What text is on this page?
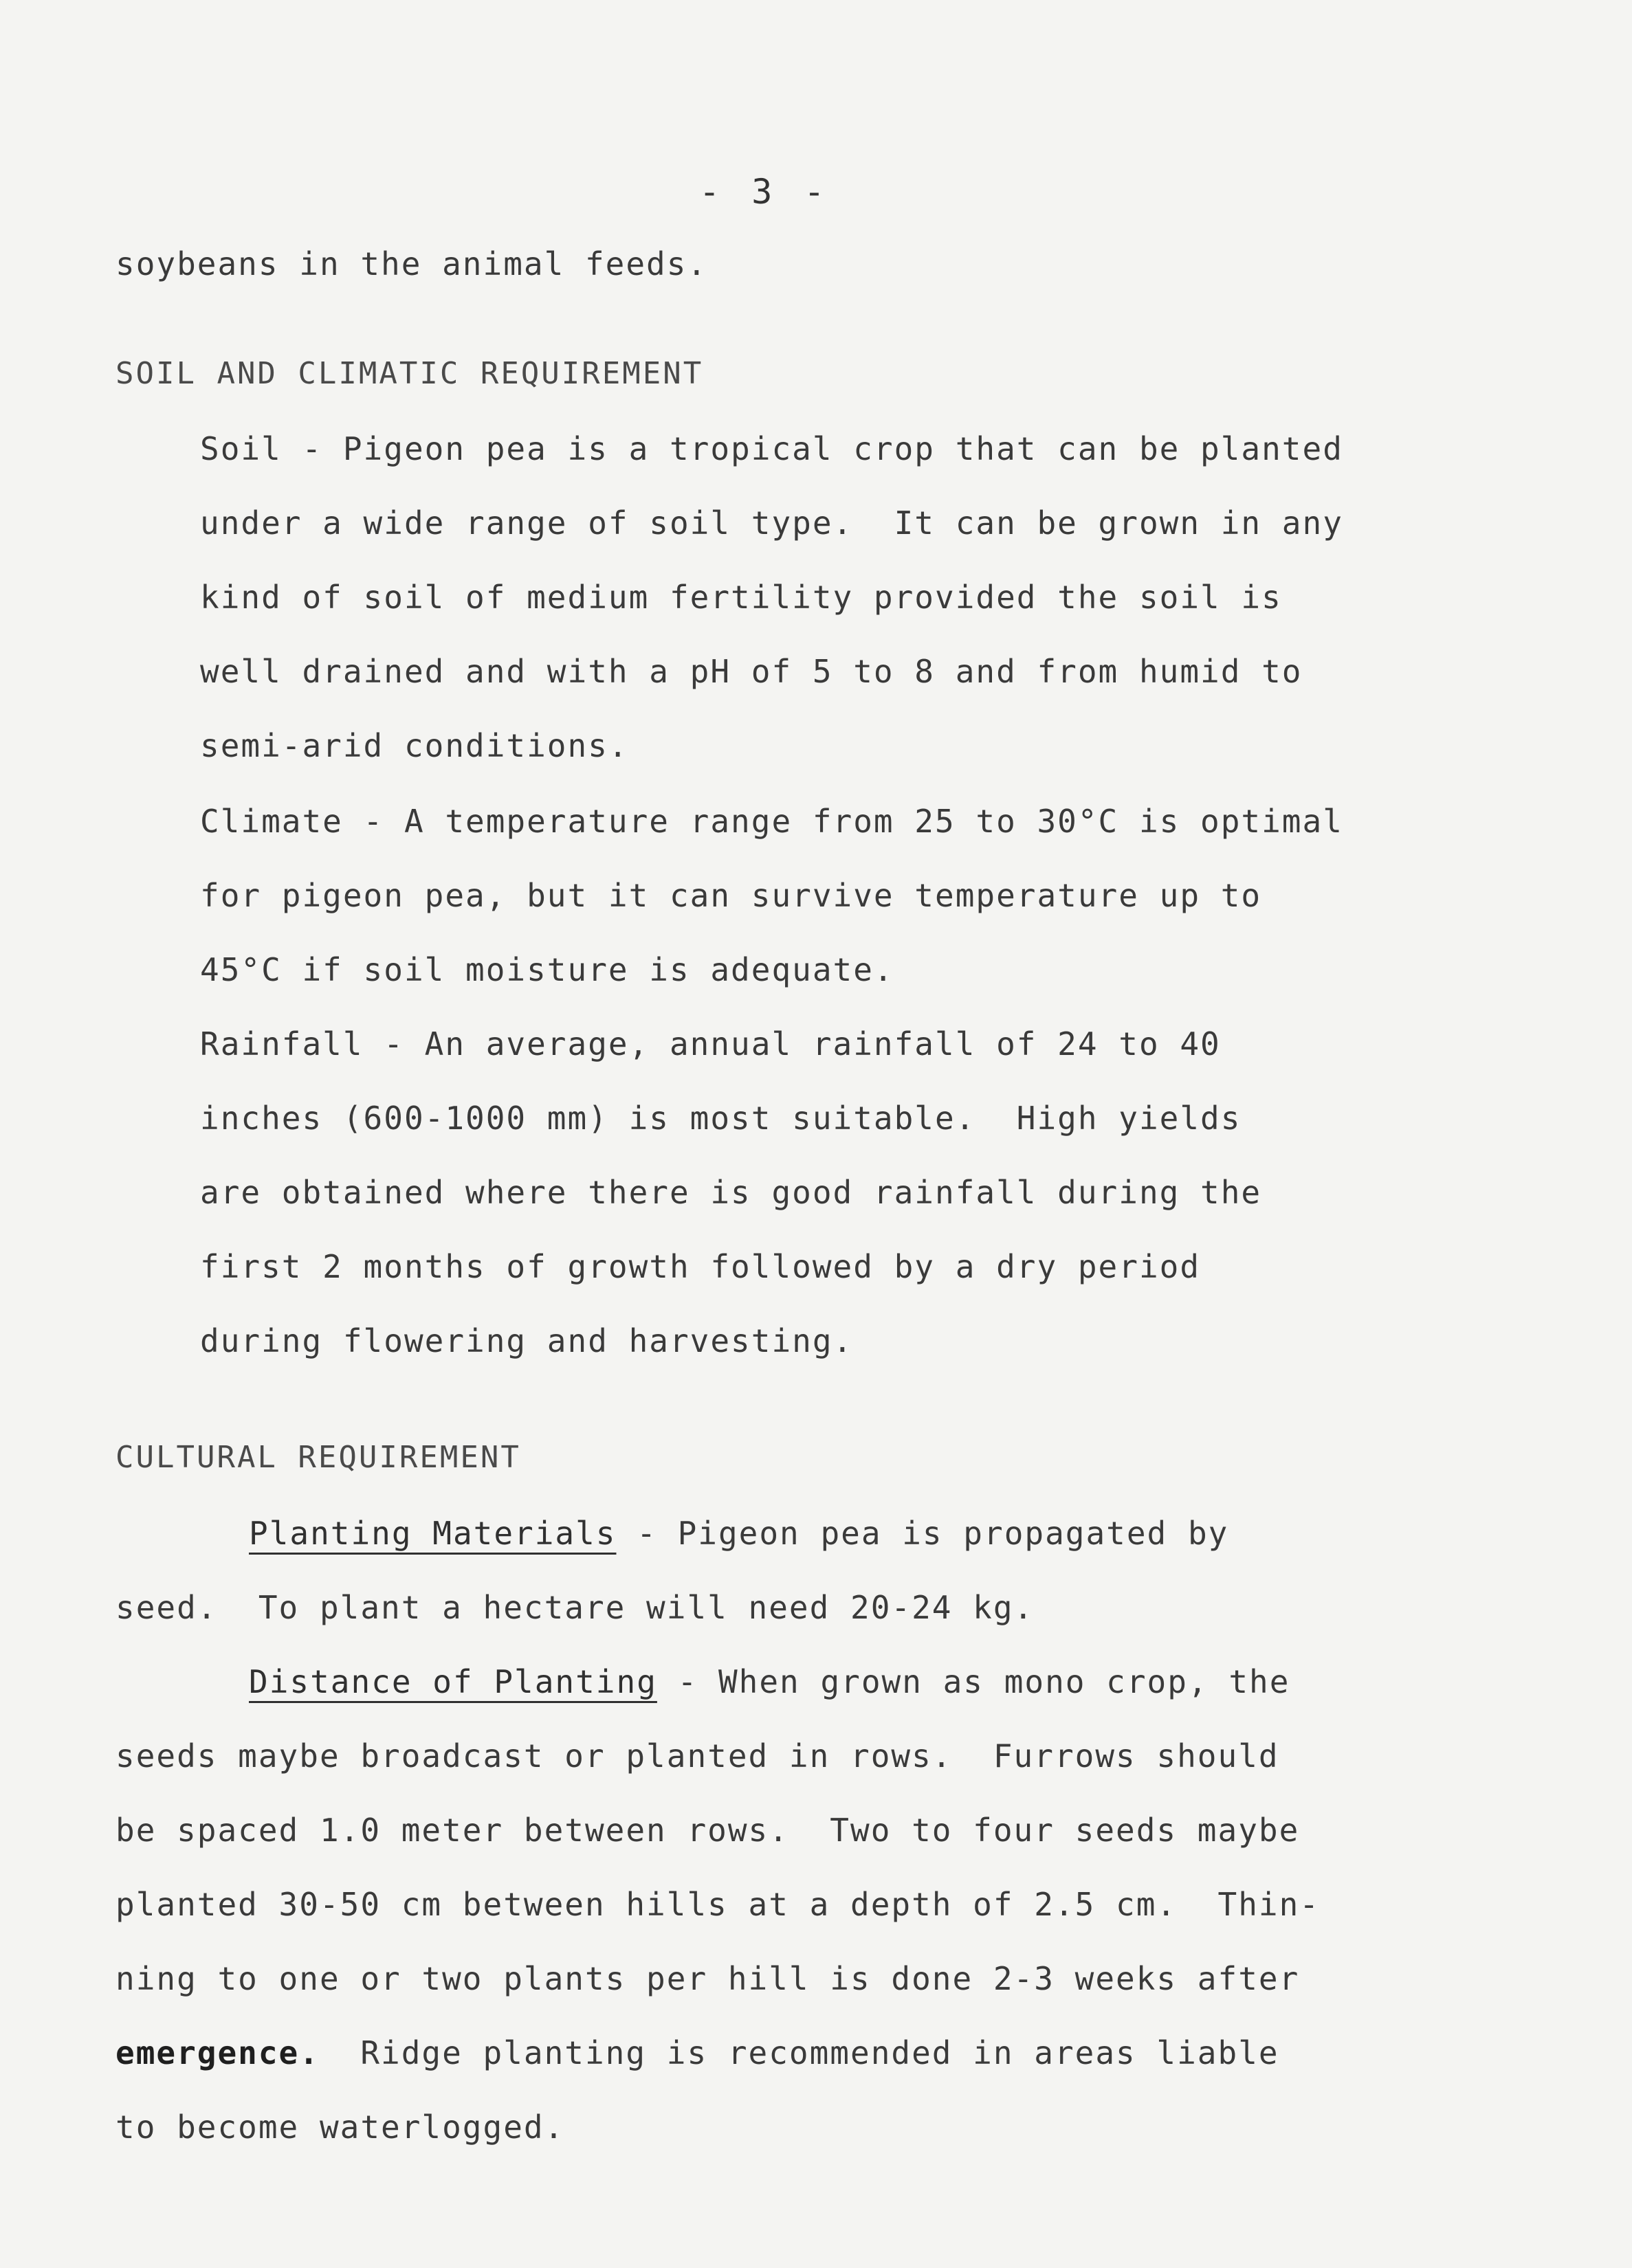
- 3 -
soybeans in the animal feeds.
SOIL AND CLIMATIC REQUIREMENT
Soil - Pigeon pea is a tropical crop that can be planted
under a wide range of soil type.  It can be grown in any
kind of soil of medium fertility provided the soil is
well drained and with a pH of 5 to 8 and from humid to
semi-arid conditions.
Climate - A temperature range from 25 to 30°C is optimal
for pigeon pea, but it can survive temperature up to
45°C if soil moisture is adequate.
Rainfall - An average, annual rainfall of 24 to 40
inches (600-1000 mm) is most suitable.  High yields
are obtained where there is good rainfall during the
first 2 months of growth followed by a dry period
during flowering and harvesting.
CULTURAL REQUIREMENT
Planting Materials - Pigeon pea is propagated by
seed.  To plant a hectare will need 20-24 kg.
Distance of Planting - When grown as mono crop, the
seeds maybe broadcast or planted in rows.  Furrows should
be spaced 1.0 meter between rows.  Two to four seeds maybe
planted 30-50 cm between hills at a depth of 2.5 cm.  Thin-
ning to one or two plants per hill is done 2-3 weeks after
emergence.  Ridge planting is recommended in areas liable
to become waterlogged.
